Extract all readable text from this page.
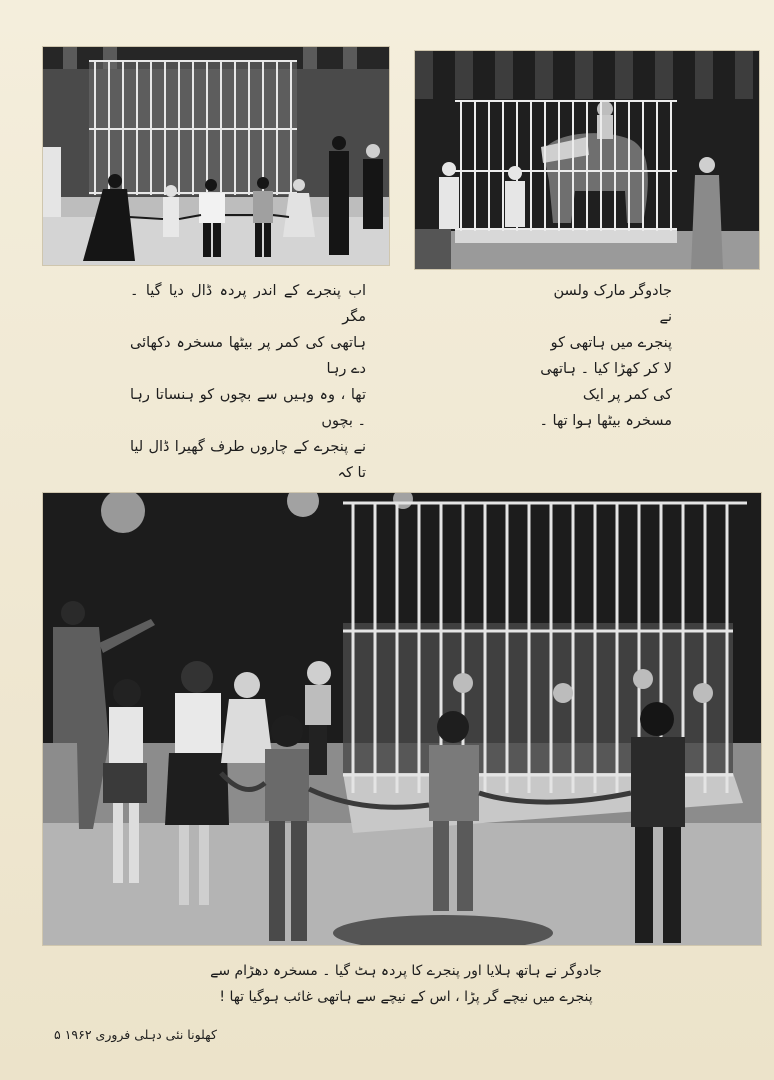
اب پنجرے کے اندر پردہ ڈال دیا گیا ۔ مگر
ہاتھی کی کمر پر بیٹھا مسخرہ دکھائی دے رہا
تھا ، وہ وہیں سے بچوں کو ہنساتا رہا ۔ بچوں
نے پنجرے کے چاروں طرف گھیرا ڈال لیا تا کہ

جادوگر مارک ولسن نے
پنجرے میں ہاتھی کو
لا کر کھڑا کیا ۔ ہاتھی
کی کمر پر ایک
مسخرہ بیٹھا ہوا تھا ۔
جادوگر نے ہاتھ ہلایا اور پنجرے کا پردہ ہٹ گیا ۔ مسخرہ دھڑام سے
پنجرے میں نیچے گر پڑا ، اس کے نیچے سے ہاتھی غائب ہوگیا تھا !
کھلونا نئی دہلی فروری ۱۹۶۲ ۵
